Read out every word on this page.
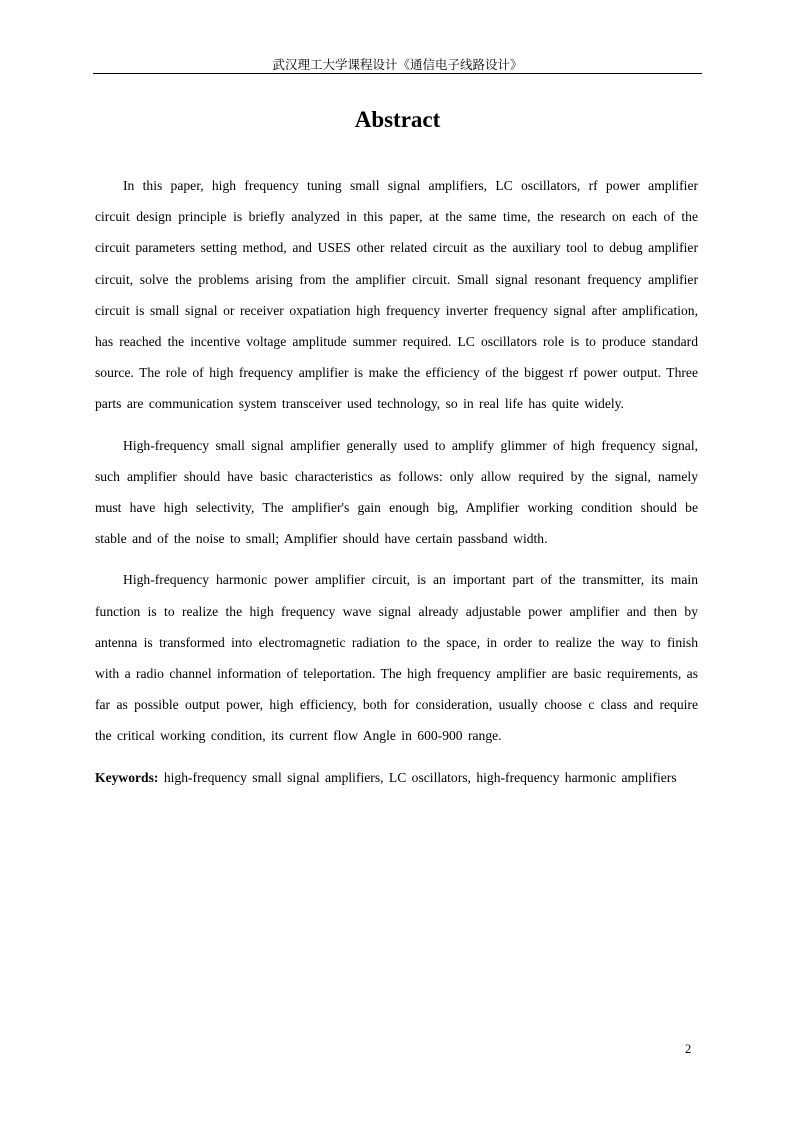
武汉理工大学课程设计《通信电子线路设计》
Abstract

In this paper, high frequency tuning small signal amplifiers, LC oscillators, rf power amplifier circuit design principle is briefly analyzed in this paper, at the same time, the research on each of the circuit parameters setting method, and USES other related circuit as the auxiliary tool to debug amplifier circuit, solve the problems arising from the amplifier circuit. Small signal resonant frequency amplifier circuit is small signal or receiver oxpatiation high frequency inverter frequency signal after amplification, has reached the incentive voltage amplitude summer required. LC oscillators role is to produce standard source. The role of high frequency amplifier is make the efficiency of the biggest rf power output. Three parts are communication system transceiver used technology, so in real life has quite widely.

High-frequency small signal amplifier generally used to amplify glimmer of high frequency signal, such amplifier should have basic characteristics as follows: only allow required by the signal, namely must have high selectivity, The amplifier's gain enough big, Amplifier working condition should be stable and of the noise to small; Amplifier should have certain passband width.

High-frequency harmonic power amplifier circuit, is an important part of the transmitter, its main function is to realize the high frequency wave signal already adjustable power amplifier and then by antenna is transformed into electromagnetic radiation to the space, in order to realize the way to finish with a radio channel information of teleportation. The high frequency amplifier are basic requirements, as far as possible output power, high efficiency, both for consideration, usually choose c class and require the critical working condition, its current flow Angle in 600-900 range.

Keywords: high-frequency small signal amplifiers, LC oscillators, high-frequency harmonic amplifiers

2
